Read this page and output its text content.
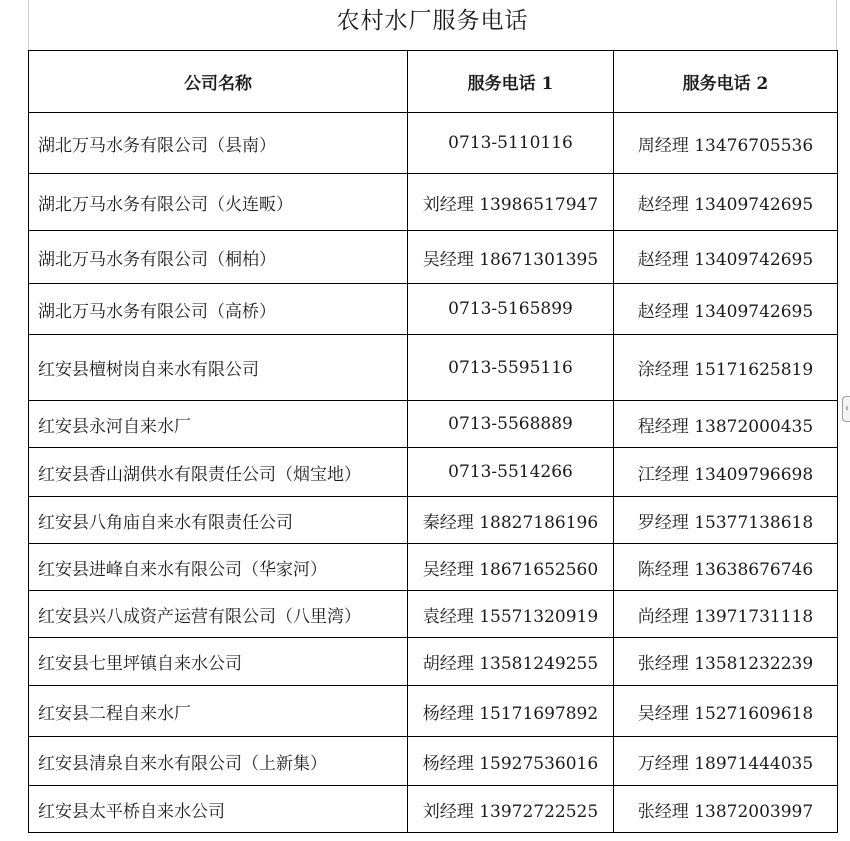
农村水厂服务电话
公司名称	服务电话 1	服务电话 2
湖北万马水务有限公司（县南）	0713-5110116	周经理 13476705536
湖北万马水务有限公司（火连畈）	刘经理 13986517947	赵经理 13409742695
湖北万马水务有限公司（桐柏）	吴经理 18671301395	赵经理 13409742695
湖北万马水务有限公司（高桥）	0713-5165899	赵经理 13409742695
红安县檀树岗自来水有限公司	0713-5595116	涂经理 15171625819
红安县永河自来水厂	0713-5568889	程经理 13872000435
红安县香山湖供水有限责任公司（烟宝地）	0713-5514266	江经理 13409796698
红安县八角庙自来水有限责任公司	秦经理 18827186196	罗经理 15377138618
红安县进峰自来水有限公司（华家河）	吴经理 18671652560	陈经理 13638676746
红安县兴八成资产运营有限公司（八里湾）	袁经理 15571320919	尚经理 13971731118
红安县七里坪镇自来水公司	胡经理 13581249255	张经理 13581232239
红安县二程自来水厂	杨经理 15171697892	吴经理 15271609618
红安县清泉自来水有限公司（上新集）	杨经理 15927536016	万经理 18971444035
红安县太平桥自来水公司	刘经理 13972722525	张经理 13872003997
‹
